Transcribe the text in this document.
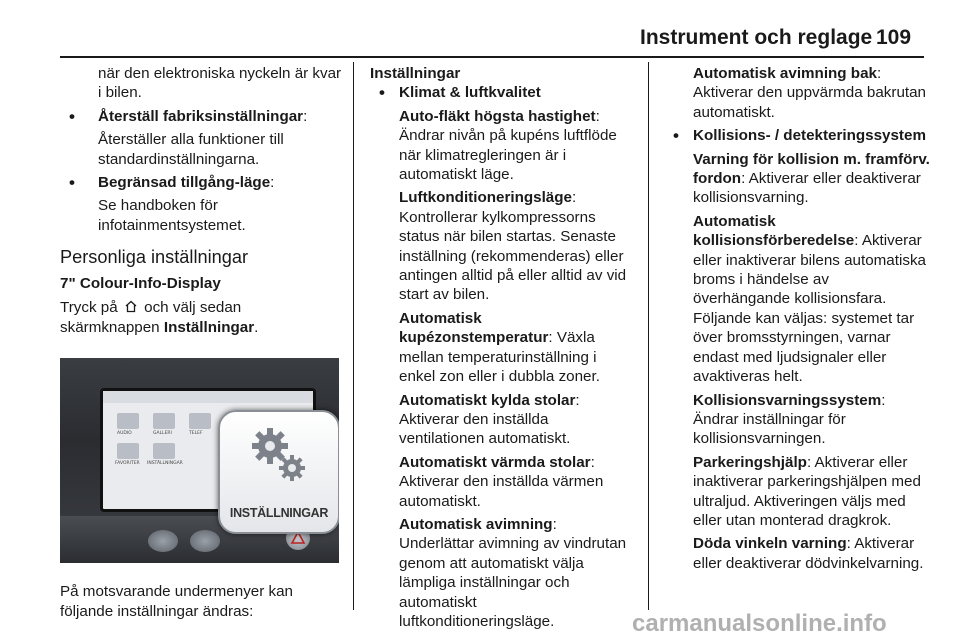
Instrument och reglage 109

när den elektroniska nyckeln är kvar i bilen.

• Återställ fabriksinställningar:

Återställer alla funktioner till standardinställningarna.

• Begränsad tillgång-läge:

Se handboken för infotainmentsystemet.

Personliga inställningar

7" Colour-Info-Display

Tryck på och välj sedan skärmknappen Inställningar.

AUDIO	GALLERI	TELEF
FAVORITER INSTÄLLNINGAR
INSTÄLLNINGAR

På motsvarande undermenyer kan följande inställningar ändras:

Inställningar

• Klimat & luftkvalitet

Auto-fläkt högsta hastighet: Ändrar nivån på kupéns luftflöde när klimatregleringen är i automatiskt läge.

Luftkonditioneringsläge: Kontrollerar kylkompressorns status när bilen startas. Senaste inställning (rekommenderas) eller antingen alltid på eller alltid av vid start av bilen.

Automatisk kupézonstemperatur: Växla mellan temperaturinställning i enkel zon eller i dubbla zoner.

Automatiskt kylda stolar: Aktiverar den inställda ventilationen automatiskt.

Automatiskt värmda stolar: Aktiverar den inställda värmen automatiskt.

Automatisk avimning: Underlättar avimning av vindrutan genom att automatiskt välja lämpliga inställningar och automatiskt luftkonditioneringsläge.

Automatisk avimning bak: Aktiverar den uppvärmda bakrutan automatiskt.

• Kollisions- / detekteringssystem

Varning för kollision m. framförv. fordon: Aktiverar eller deaktiverar kollisionsvarning.

Automatisk kollisionsförberedelse: Aktiverar eller inaktiverar bilens automatiska broms i händelse av överhängande kollisionsfara. Följande kan väljas: systemet tar över bromsstyrningen, varnar endast med ljudsignaler eller avaktiveras helt.

Kollisionsvarningssystem: Ändrar inställningar för kollisionsvarningen.

Parkeringshjälp: Aktiverar eller inaktiverar parkeringshjälpen med ultraljud. Aktiveringen väljs med eller utan monterad dragkrok.

Döda vinkeln varning: Aktiverar eller deaktiverar dödvinkelvarning.

carmanualsonline.info
